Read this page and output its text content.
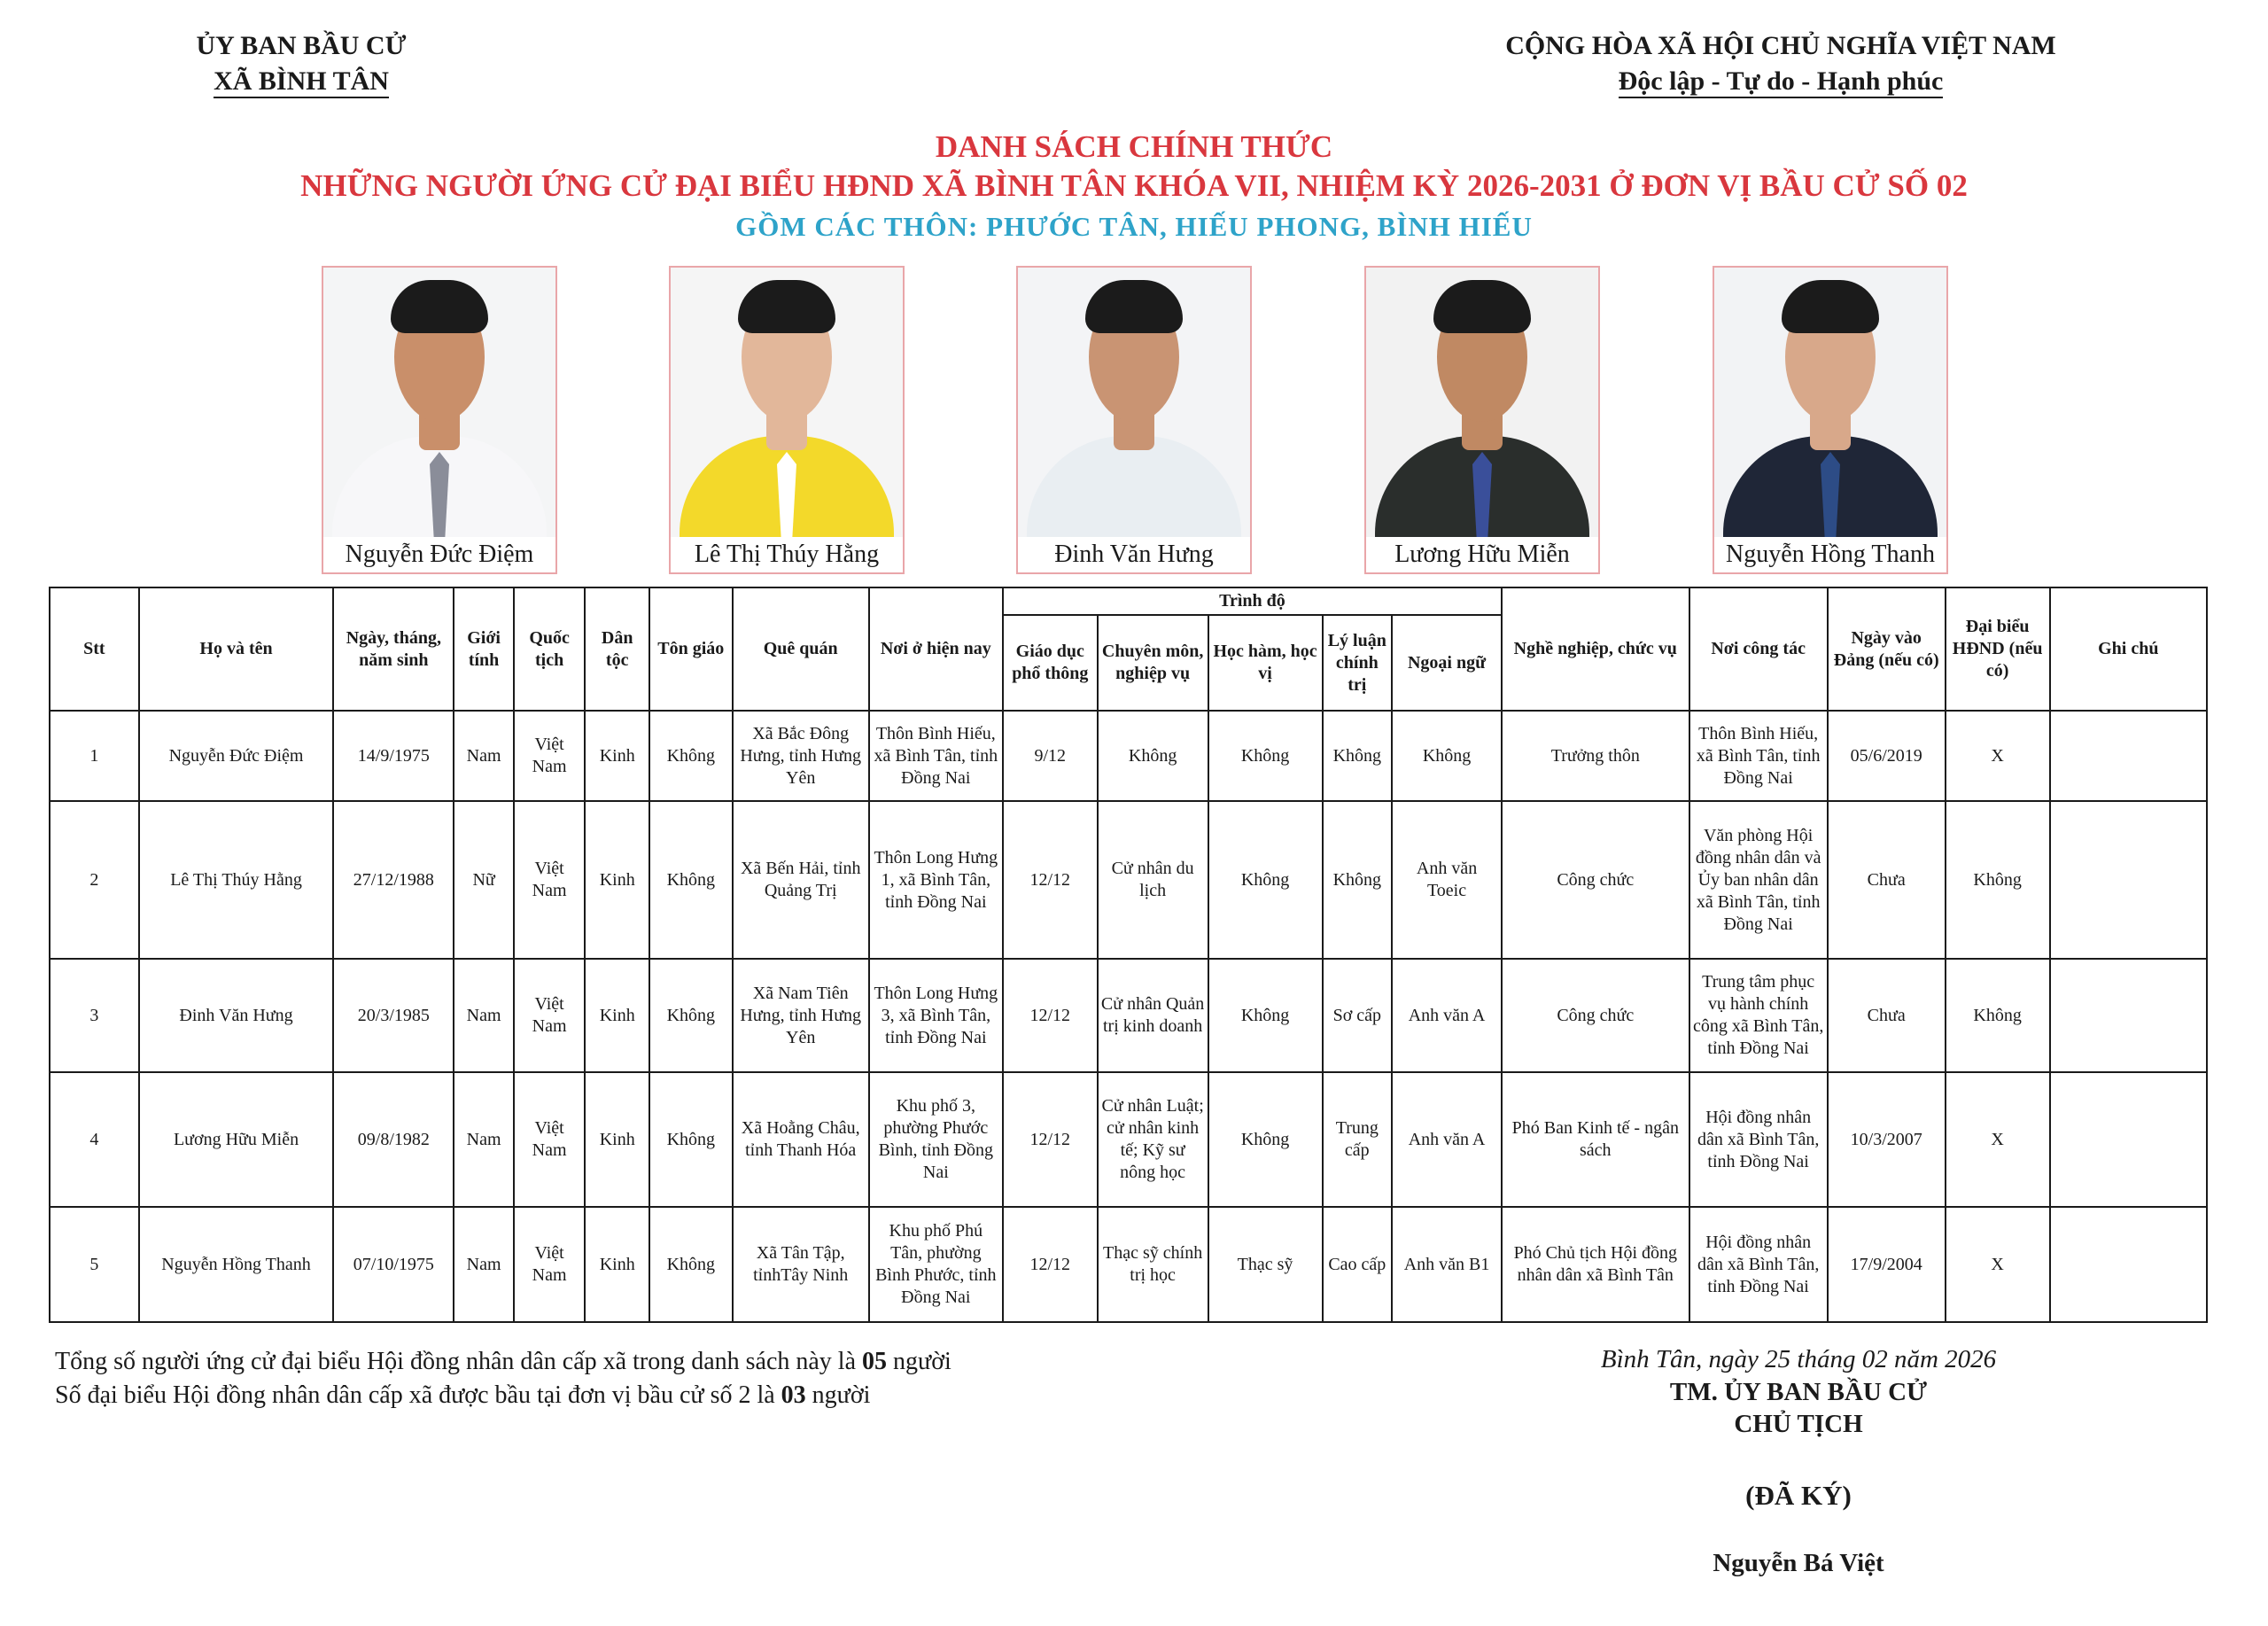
ỦY BAN BẦU CỬ
XÃ BÌNH TÂN
CỘNG HÒA XÃ HỘI CHỦ NGHĨA VIỆT NAM
Độc lập - Tự do - Hạnh phúc
DANH SÁCH CHÍNH THỨC
NHỮNG NGƯỜI ỨNG CỬ ĐẠI BIỂU HĐND XÃ BÌNH TÂN KHÓA VII, NHIỆM KỲ 2026-2031 Ở ĐƠN VỊ BẦU CỬ SỐ 02
GỒM CÁC THÔN: PHƯỚC TÂN, HIẾU PHONG, BÌNH HIẾU
Nguyễn Đức Điệm	Lê Thị Thúy Hằng	Đinh Văn Hưng	Lương Hữu Miễn	Nguyễn Hồng Thanh
Stt	Họ và tên	Ngày, tháng, năm sinh	Giới tính	Quốc tịch	Dân tộc	Tôn giáo	Quê quán	Nơi ở hiện nay	Trình độ					Nghề nghiệp, chức vụ	Nơi công tác	Ngày vào Đảng (nếu có)	Đại biểu HĐND (nếu có)	Ghi chú
									Giáo dục phổ thông	Chuyên môn, nghiệp vụ	Học hàm, học vị	Lý luận chính trị	Ngoại ngữ					
1	Nguyễn Đức Điệm	14/9/1975	Nam	Việt Nam	Kinh	Không	Xã Bắc Đông Hưng, tỉnh Hưng Yên	Thôn Bình Hiếu, xã Bình Tân, tỉnh Đồng Nai	9/12	Không	Không	Không	Không	Trưởng thôn	Thôn Bình Hiếu, xã Bình Tân, tỉnh Đồng Nai	05/6/2019	X	
2	Lê Thị Thúy Hằng	27/12/1988	Nữ	Việt Nam	Kinh	Không	Xã Bến Hải, tỉnh Quảng Trị	Thôn Long Hưng 1, xã Bình Tân, tỉnh Đồng Nai	12/12	Cử nhân du lịch	Không	Không	Anh văn Toeic	Công chức	Văn phòng Hội đồng nhân dân và Ủy ban nhân dân xã Bình Tân, tỉnh Đồng Nai	Chưa	Không	
3	Đinh Văn Hưng	20/3/1985	Nam	Việt Nam	Kinh	Không	Xã Nam Tiên Hưng, tỉnh Hưng Yên	Thôn Long Hưng 3, xã Bình Tân, tỉnh Đồng Nai	12/12	Cử nhân Quản trị kinh doanh	Không	Sơ cấp	Anh văn A	Công chức	Trung tâm phục vụ hành chính công xã Bình Tân, tỉnh Đồng Nai	Chưa	Không	
4	Lương Hữu Miễn	09/8/1982	Nam	Việt Nam	Kinh	Không	Xã Hoằng Châu, tỉnh Thanh Hóa	Khu phố 3, phường Phước Bình, tỉnh Đồng Nai	12/12	Cử nhân Luật; cử nhân kinh tế; Kỹ sư nông học	Không	Trung cấp	Anh văn A	Phó Ban Kinh tế - ngân sách	Hội đồng nhân dân xã Bình Tân, tỉnh Đồng Nai	10/3/2007	X	
5	Nguyễn Hồng Thanh	07/10/1975	Nam	Việt Nam	Kinh	Không	Xã Tân Tập, tỉnhTây Ninh	Khu phố Phú Tân, phường Bình Phước, tỉnh Đồng Nai	12/12	Thạc sỹ chính trị học	Thạc sỹ	Cao cấp	Anh văn B1	Phó Chủ tịch Hội đồng nhân dân xã Bình Tân	Hội đồng nhân dân xã Bình Tân, tỉnh Đồng Nai	17/9/2004	X	
Tổng số người ứng cử đại biểu Hội đồng nhân dân cấp xã trong danh sách này là 05 người
Số đại biểu Hội đồng nhân dân cấp xã được bầu tại đơn vị bầu cử số 2 là 03 người
Bình Tân, ngày 25 tháng 02 năm 2026
TM. ỦY BAN BẦU CỬ
CHỦ TỊCH
(ĐÃ KÝ)
Nguyễn Bá Việt
